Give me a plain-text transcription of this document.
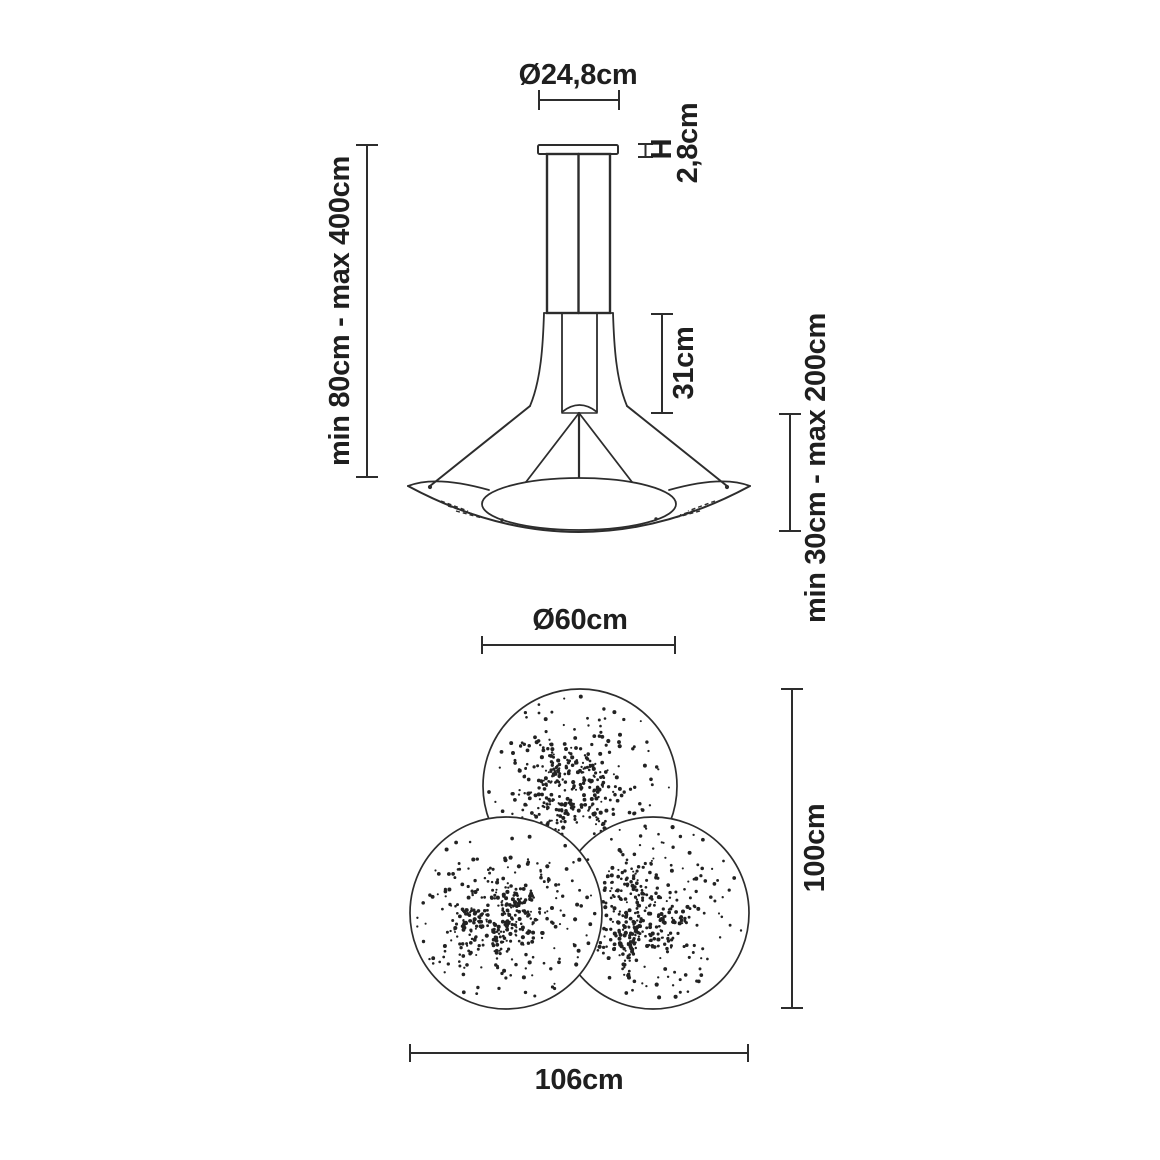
Ø24,8cm
H
2,8cm
min 80cm - max 400cm	31cm	min 30cm - max 200cm
Ø60cm
100cm
106cm
